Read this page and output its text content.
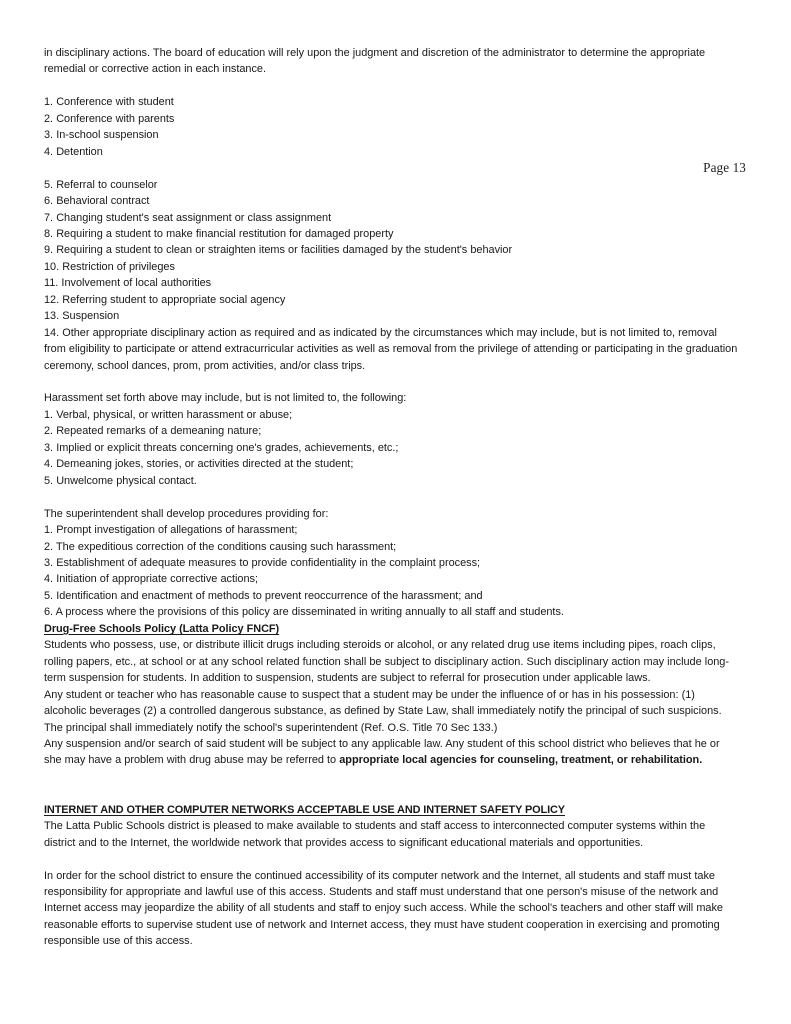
in disciplinary actions. The board of education will rely upon the judgment and discretion of the administrator to determine the appropriate remedial or corrective action in each instance.

1. Conference with student
2. Conference with parents
3. In-school suspension
4. Detention

Page 13

5. Referral to counselor
6. Behavioral contract
7. Changing student's seat assignment or class assignment
8. Requiring a student to make financial restitution for damaged property
9. Requiring a student to clean or straighten items or facilities damaged by the student's behavior
10. Restriction of privileges
11. Involvement of local authorities
12. Referring student to appropriate social agency
13. Suspension

14. Other appropriate disciplinary action as required and as indicated by the circumstances which may include, but is not limited to, removal from eligibility to participate or attend extracurricular activities as well as removal from the privilege of attending or participating in the graduation ceremony, school dances, prom, prom activities, and/or class trips.

Harassment set forth above may include, but is not limited to, the following:

1. Verbal, physical, or written harassment or abuse;
2. Repeated remarks of a demeaning nature;
3. Implied or explicit threats concerning one's grades, achievements, etc.;
4. Demeaning jokes, stories, or activities directed at the student;
5. Unwelcome physical contact.

The superintendent shall develop procedures providing for:

1. Prompt investigation of allegations of harassment;
2. The expeditious correction of the conditions causing such harassment;
3. Establishment of adequate measures to provide confidentiality in the complaint process;
4. Initiation of appropriate corrective actions;
5. Identification and enactment of methods to prevent reoccurrence of the harassment; and
6. A process where the provisions of this policy are disseminated in writing annually to all staff and students.

Drug-Free Schools Policy (Latta Policy FNCF)

Students who possess, use, or distribute illicit drugs including steroids or alcohol, or any related drug use items including pipes, roach clips, rolling papers, etc., at school or at any school related function shall be subject to disciplinary action. Such disciplinary action may include long-term suspension for students. In addition to suspension, students are subject to referral for prosecution under applicable laws.

Any student or teacher who has reasonable cause to suspect that a student may be under the influence of or has in his possession: (1) alcoholic beverages (2) a controlled dangerous substance, as defined by State Law, shall immediately notify the principal of such suspicions. The principal shall immediately notify the school's superintendent (Ref. O.S. Title 70 Sec 133.)

Any suspension and/or search of said student will be subject to any applicable law. Any student of this school district who believes that he or she may have a problem with drug abuse may be referred to appropriate local agencies for counseling, treatment, or rehabilitation.

INTERNET AND OTHER COMPUTER NETWORKS ACCEPTABLE USE AND INTERNET SAFETY POLICY

The Latta Public Schools district is pleased to make available to students and staff access to interconnected computer systems within the district and to the Internet, the worldwide network that provides access to significant educational materials and opportunities.

In order for the school district to ensure the continued accessibility of its computer network and the Internet, all students and staff must take responsibility for appropriate and lawful use of this access. Students and staff must understand that one person's misuse of the network and Internet access may jeopardize the ability of all students and staff to enjoy such access. While the school's teachers and other staff will make reasonable efforts to supervise student use of network and Internet access, they must have student cooperation in exercising and promoting responsible use of this access.
